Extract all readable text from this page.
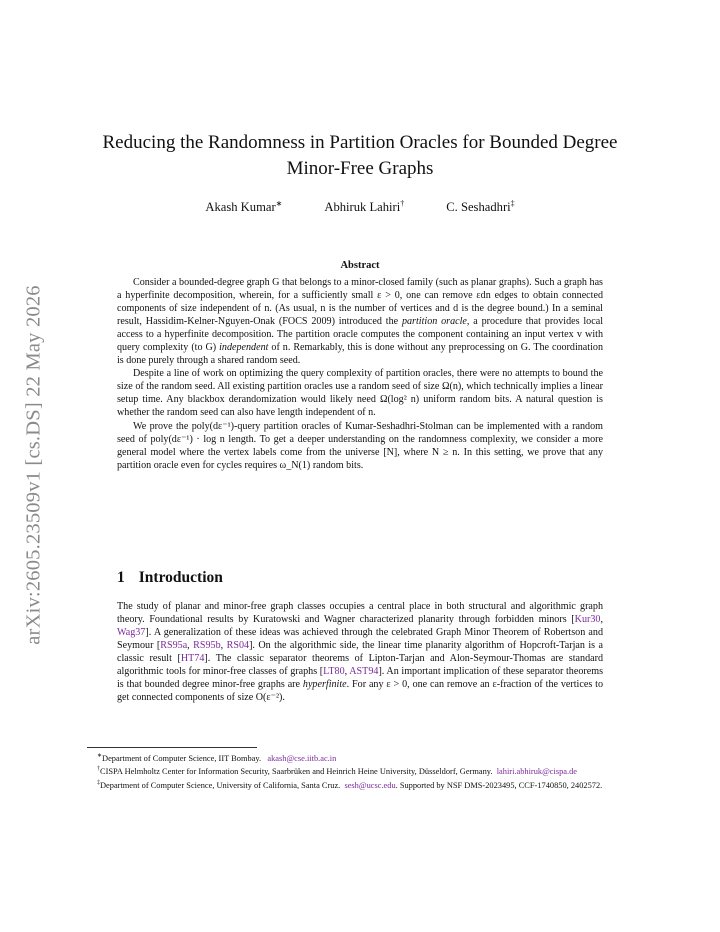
arXiv:2605.23509v1 [cs.DS] 22 May 2026
Reducing the Randomness in Partition Oracles for Bounded Degree
Minor-Free Graphs
Akash Kumar∗	Abhiruk Lahiri†	C. Seshadhri‡
Abstract

Consider a bounded-degree graph G that belongs to a minor-closed family (such as planar graphs). Such a graph has a hyperfinite decomposition, wherein, for a sufficiently small ε > 0, one can remove εdn edges to obtain connected components of size independent of n. (As usual, n is the number of vertices and d is the degree bound.) In a seminal result, Hassidim-Kelner-Nguyen-Onak (FOCS 2009) introduced the partition oracle, a procedure that provides local access to a hyperfinite decomposition. The partition oracle computes the component containing an input vertex v with query complexity (to G) independent of n. Remarkably, this is done without any preprocessing on G. The coordination is done purely through a shared random seed.

Despite a line of work on optimizing the query complexity of partition oracles, there were no attempts to bound the size of the random seed. All existing partition oracles use a random seed of size Ω(n), which technically implies a linear setup time. Any blackbox derandomization would likely need Ω(log² n) uniform random bits. A natural question is whether the random seed can also have length independent of n.

We prove the poly(dε⁻¹)-query partition oracles of Kumar-Seshadhri-Stolman can be implemented with a random seed of poly(dε⁻¹) · log n length. To get a deeper understanding on the randomness complexity, we consider a more general model where the vertex labels come from the universe [N], where N ≥ n. In this setting, we prove that any partition oracle even for cycles requires ω_N(1) random bits.

1 Introduction

The study of planar and minor-free graph classes occupies a central place in both structural and algorithmic graph theory. Foundational results by Kuratowski and Wagner characterized planarity through forbidden minors [Kur30, Wag37]. A generalization of these ideas was achieved through the celebrated Graph Minor Theorem of Robertson and Seymour [RS95a, RS95b, RS04]. On the algorithmic side, the linear time planarity algorithm of Hopcroft-Tarjan is a classic result [HT74]. The classic separator theorems of Lipton-Tarjan and Alon-Seymour-Thomas are standard algorithmic tools for minor-free classes of graphs [LT80, AST94]. An important implication of these separator theorems is that bounded degree minor-free graphs are hyperfinite. For any ε > 0, one can remove an ε-fraction of the vertices to get connected components of size O(ε⁻²).

∗Department of Computer Science, IIT Bombay. akash@cse.iitb.ac.in

†CISPA Helmholtz Center for Information Security, Saarbrüken and Heinrich Heine University, Düsseldorf, Germany. lahiri.abhiruk@cispa.de

‡Department of Computer Science, University of California, Santa Cruz. sesh@ucsc.edu. Supported by NSF DMS-2023495, CCF-1740850, 2402572.
